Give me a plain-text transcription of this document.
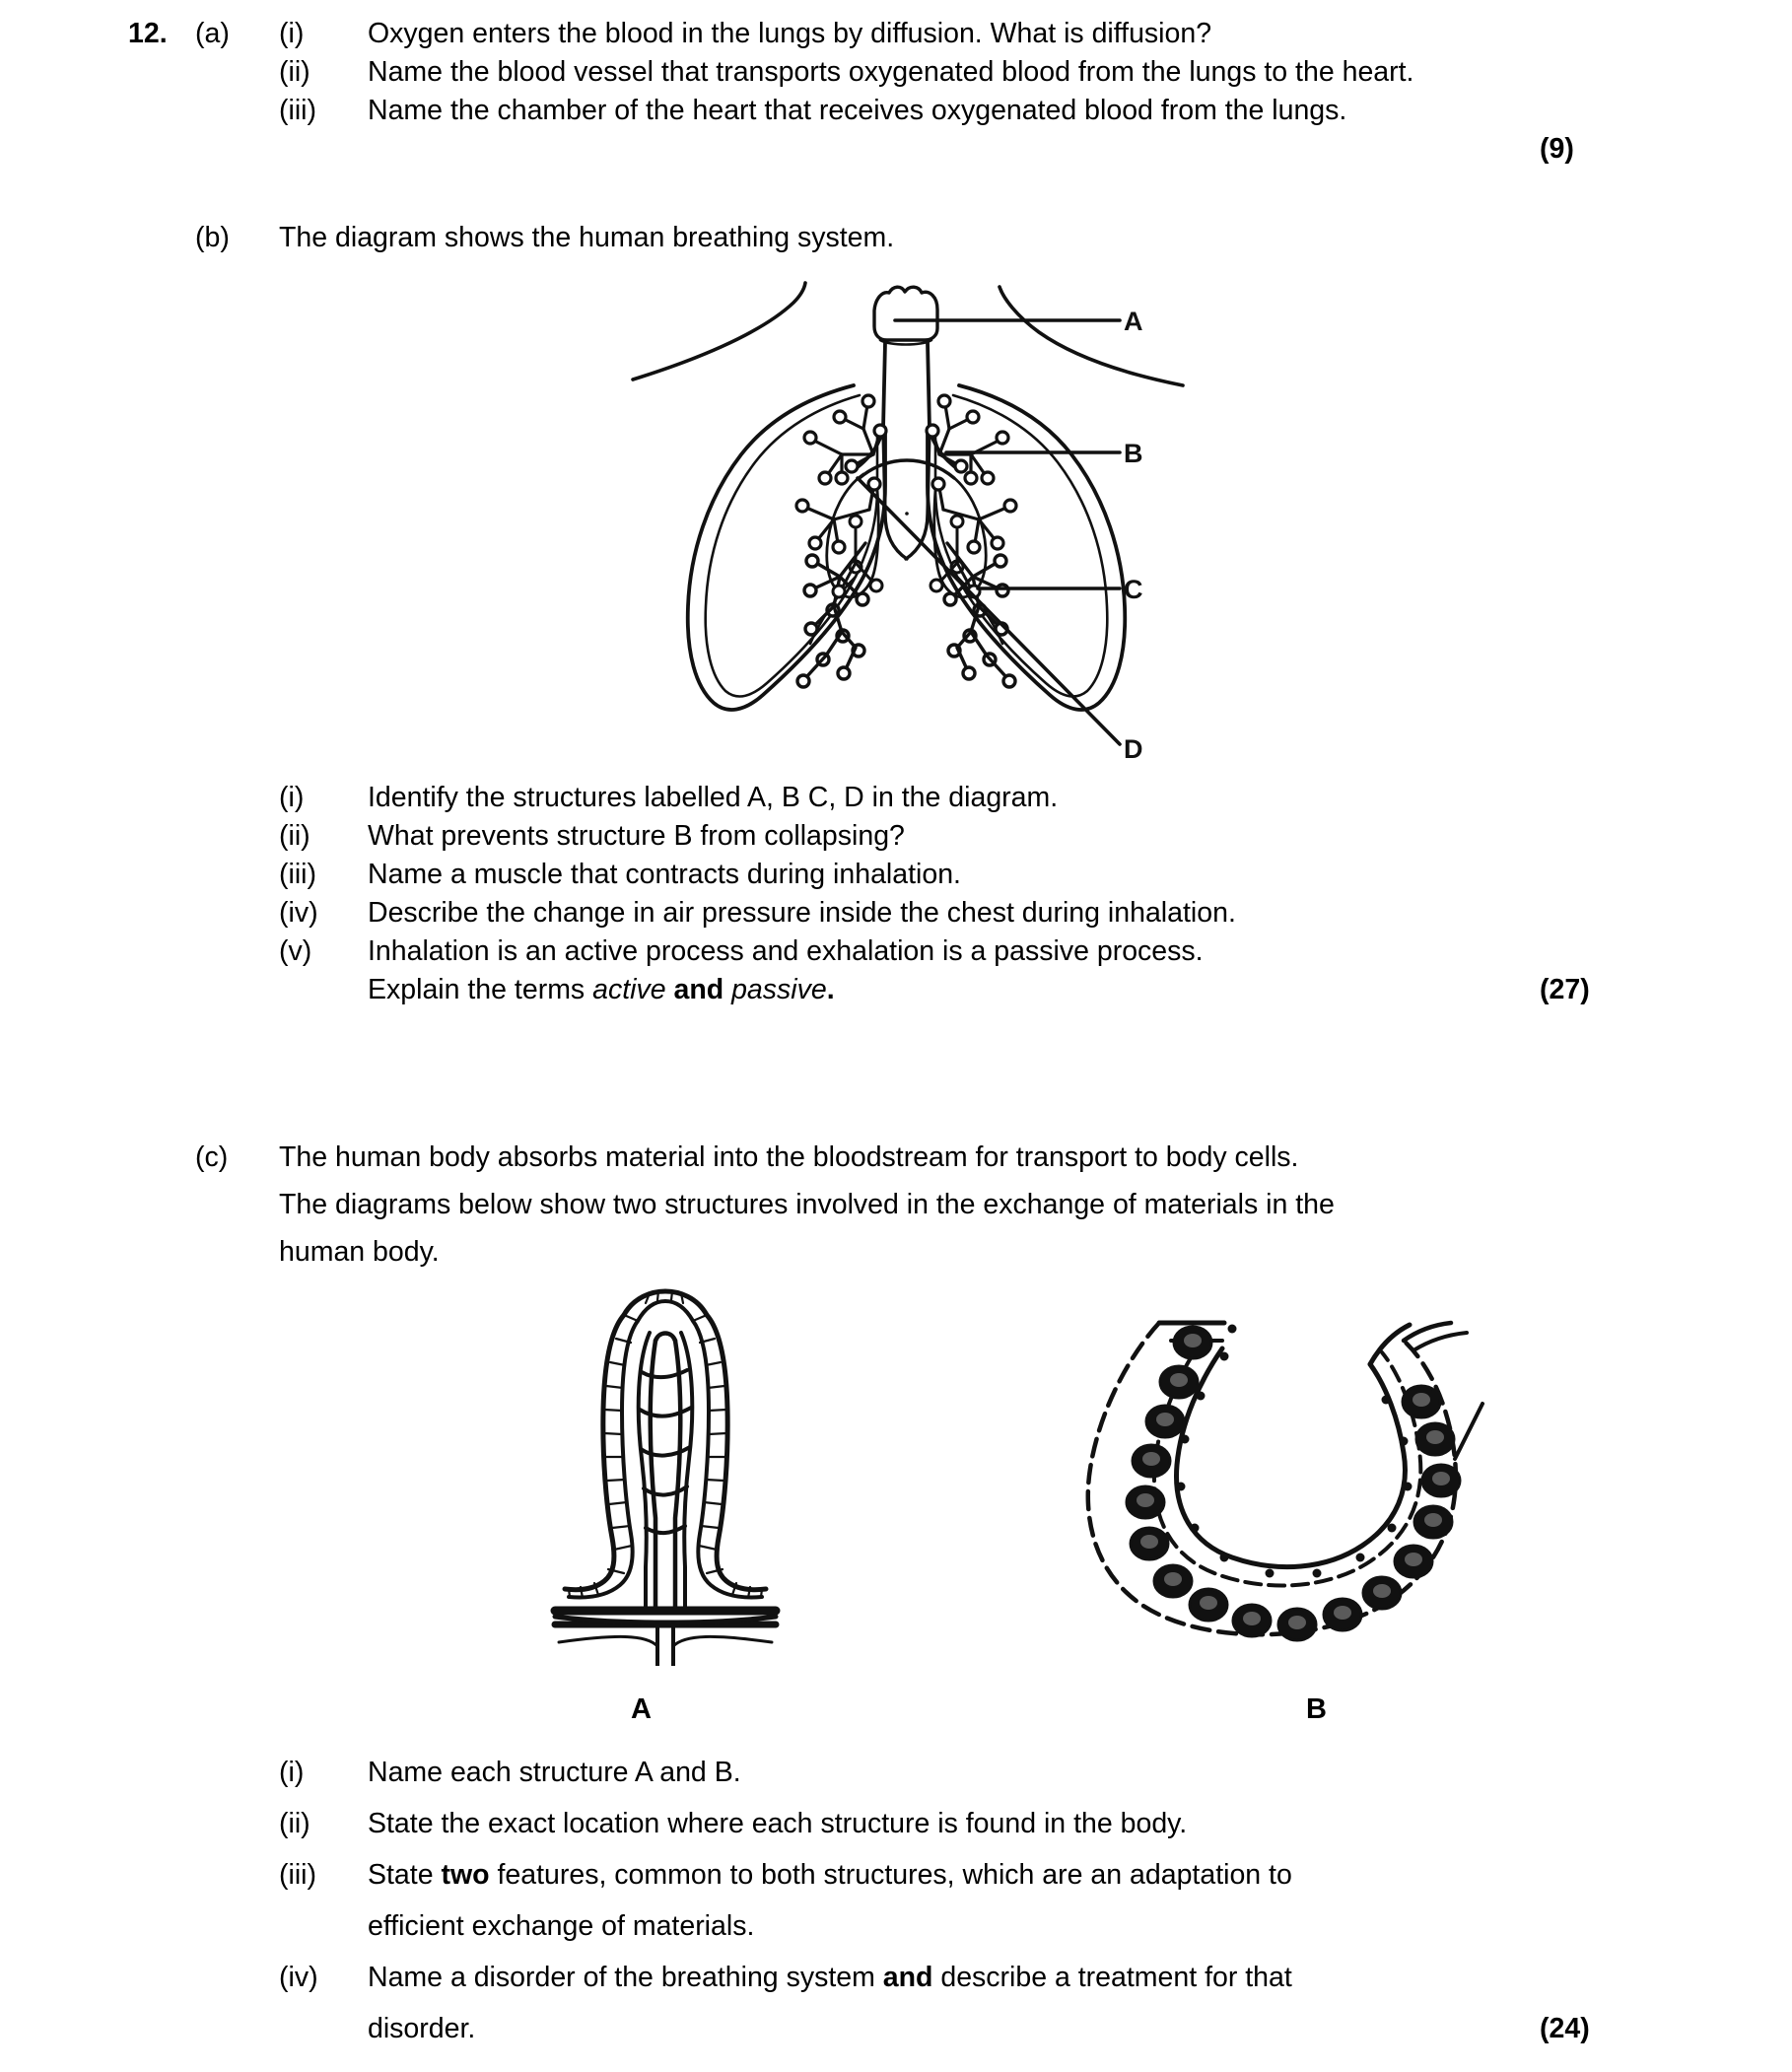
12. (a)	(i)	Oxygen enters the blood in the lungs by diffusion. What is diffusion?
(ii)	Name the blood vessel that transports oxygenated blood from the lungs to the heart.
(iii)	Name the chamber of the heart that receives oxygenated blood from the lungs.
(9)
(b)	The diagram shows the human breathing system.
A
B
C
D
(i)	Identify the structures labelled A, B C, D in the diagram.
(ii)	What prevents structure B from collapsing?
(iii)	Name a muscle that contracts during inhalation.
(iv)	Describe the change in air pressure inside the chest during inhalation.
(v)	Inhalation is an active process and exhalation is a passive process.
Explain the terms active and passive.	(27)
(c)	The human body absorbs material into the bloodstream for transport to body cells.
The diagrams below show two structures involved in the exchange of materials in the
human body.
A	B
(i)	Name each structure A and B.
(ii)	State the exact location where each structure is found in the body.
(iii)	State two features, common to both structures, which are an adaptation to
efficient exchange of materials.
(iv)	Name a disorder of the breathing system and describe a treatment for that
disorder.	(24)
